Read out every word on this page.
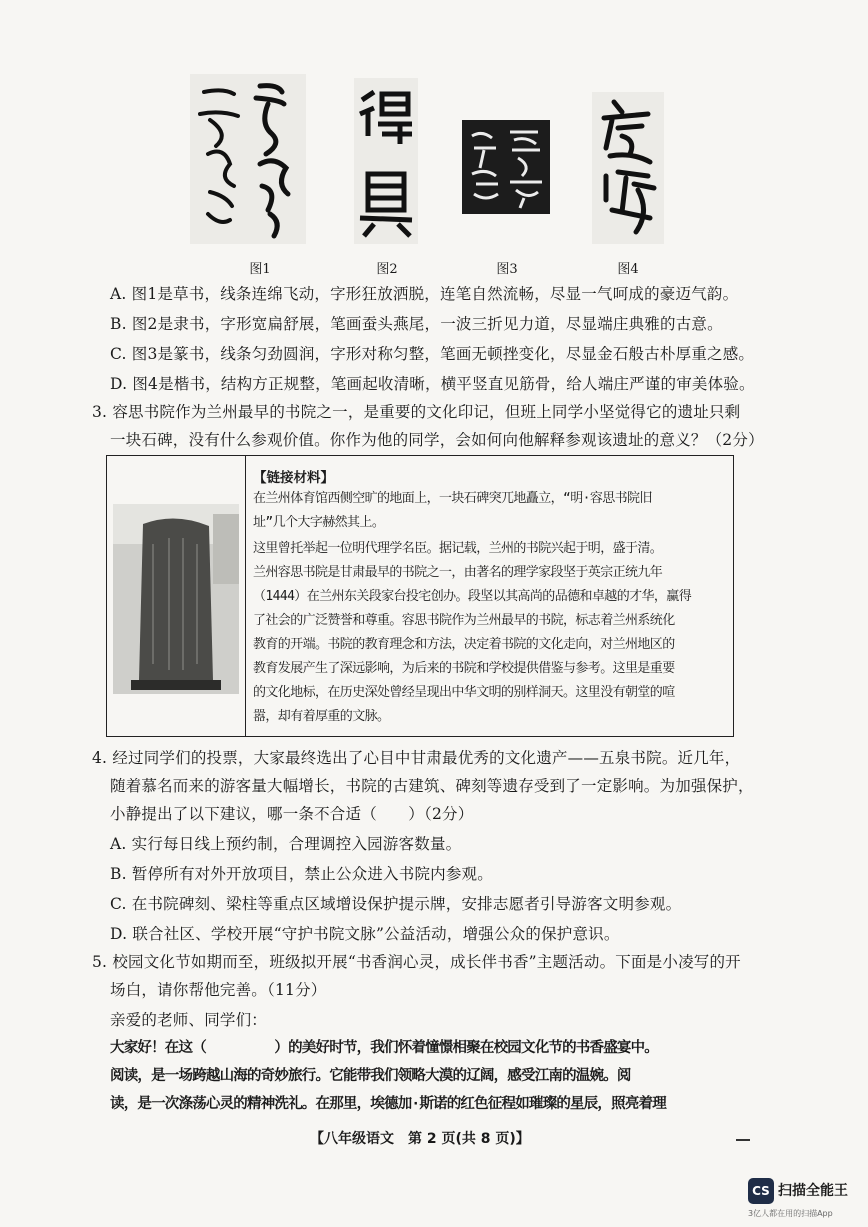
图1	图2	图3	图4
A. 图1是草书，线条连绵飞动，字形狂放洒脱，连笔自然流畅，尽显一气呵成的豪迈气韵。
B. 图2是隶书，字形宽扁舒展，笔画蚕头燕尾，一波三折见力道，尽显端庄典雅的古意。
C. 图3是篆书，线条匀劲圆润，字形对称匀整，笔画无顿挫变化，尽显金石般古朴厚重之感。
D. 图4是楷书，结构方正规整，笔画起收清晰，横平竖直见筋骨，给人端庄严谨的审美体验。
3. 容思书院作为兰州最早的书院之一，是重要的文化印记，但班上同学小坚觉得它的遗址只剩
一块石碑，没有什么参观价值。你作为他的同学，会如何向他解释参观该遗址的意义？（2分）
【链接材料】
在兰州体育馆西侧空旷的地面上，一块石碑突兀地矗立，“明·容思书院旧
址”几个大字赫然其上。
这里曾托举起一位明代理学名臣。据记载，兰州的书院兴起于明，盛于清。
兰州容思书院是甘肃最早的书院之一，由著名的理学家段坚于英宗正统九年
（1444）在兰州东关段家台投宅创办。段坚以其高尚的品德和卓越的才华，赢得
了社会的广泛赞誉和尊重。容思书院作为兰州最早的书院，标志着兰州系统化
教育的开端。书院的教育理念和方法，决定着书院的文化走向，对兰州地区的
教育发展产生了深远影响，为后来的书院和学校提供借鉴与参考。这里是重要
的文化地标，在历史深处曾经呈现出中华文明的别样洞天。这里没有朝堂的喧
嚣，却有着厚重的文脉。
4. 经过同学们的投票，大家最终选出了心目中甘肃最优秀的文化遗产——五泉书院。近几年，
随着慕名而来的游客量大幅增长，书院的古建筑、碑刻等遗存受到了一定影响。为加强保护，
小静提出了以下建议，哪一条不合适（　　）（2分）
A. 实行每日线上预约制，合理调控入园游客数量。
B. 暂停所有对外开放项目，禁止公众进入书院内参观。
C. 在书院碑刻、梁柱等重点区域增设保护提示牌，安排志愿者引导游客文明参观。
D. 联合社区、学校开展“守护书院文脉”公益活动，增强公众的保护意识。
5. 校园文化节如期而至，班级拟开展“书香润心灵，成长伴书香”主题活动。下面是小凌写的开
场白，请你帮他完善。（11分）
亲爱的老师、同学们：
大家好！在这（　　　　　）的美好时节，我们怀着憧憬相聚在校园文化节的书香盛宴中。
阅读，是一场跨越山海的奇妙旅行。它能带我们领略大漠的辽阔，感受江南的温婉。阅
读，是一次涤荡心灵的精神洗礼。在那里，埃德加·斯诺的红色征程如璀璨的星辰，照亮着理
【八年级语文　第 2 页(共 8 页)】
CS 扫描全能王
3亿人都在用的扫描App
